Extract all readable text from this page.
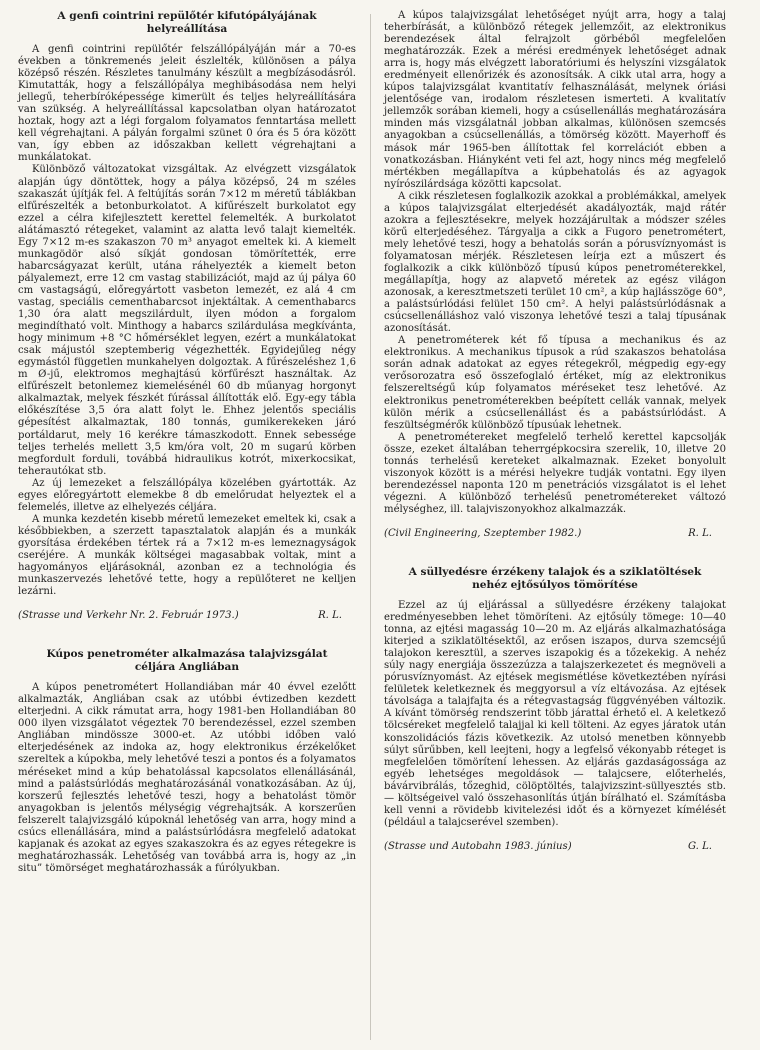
A genfi cointrini repülőtér kifutópályájának helyreállítása

A genfi cointrini repülőtér felszállópályáján már a 70-es években a tönkremenés jeleit észlelték, különösen a pálya középső részén. Részletes tanulmány készült a megbízásodásról. Kimutatták, hogy a felszállópálya meghibásodása nem helyi jellegű, teherbíróképessége kimerült és teljes helyreállítására van szükség. A helyreállítással kapcsolatban olyan határozatot hoztak, hogy azt a légi forgalom folyamatos fenntartása mellett kell végrehajtani. A pályán forgalmi szünet 0 óra és 5 óra között van, így ebben az időszakban kellett végrehajtani a munkálatokat.

Különböző változatokat vizsgáltak. Az elvégzett vizsgálatok alapján úgy döntöttek, hogy a pálya középső, 24 m széles szakaszát újítják fel. A feltújítás során 7×12 m méretű táblákban elfűrészelték a betonburkolatot. A kifűrészelt burkolatot egy ezzel a célra kifejlesztett kerettel felemelték. A burkolatot alátámasztó rétegeket, valamint az alatta levő talajt kiemelték. Egy 7×12 m-es szakaszon 70 m³ anyagot emeltek ki. A kiemelt munkagödör alsó síkját gondosan tömörítették, erre habarcságyazat került, utána ráhelyezték a kiemelt beton pályalemezt, erre 12 cm vastag stabilizációt, majd az új pálya 60 cm vastagságú, előregyártott vasbeton lemezét, ez alá 4 cm vastag, speciális cementhabarcsot injektáltak. A cementhabarcs 1,30 óra alatt megszilárdult, ilyen módon a forgalom megindítható volt. Minthogy a habarcs szilárdulása megkívánta, hogy minimum +8 °C hőmérséklet legyen, ezért a munkálatokat csak májustól szeptemberig végezhették. Egyidejűleg négy egymástól független munkahelyen dolgoztak. A fűrészeléshez 1,6 m Ø-jű, elektromos meghajtású körfűrészt használtak. Az elfűrészelt betonlemez kiemelésénél 60 db műanyag horgonyt alkalmaztak, melyek fészkét fúrással állították elő. Egy-egy tábla előkészítése 3,5 óra alatt folyt le. Ehhez jelentős speciális gépesítést alkalmaztak, 180 tonnás, gumikerekeken járó portáldarut, mely 16 kerékre támaszkodott. Ennek sebessége teljes terhelés mellett 3,5 km/óra volt, 20 m sugarú körben megfordult forduli, továbbá hidraulikus kotrót, mixerkocsikat, teherautókat stb.

Az új lemezeket a felszállópálya közelében gyártották. Az egyes előregyártott elemekbe 8 db emelőrudat helyeztek el a felemelés, illetve az elhelyezés céljára.

A munka kezdetén kisebb méretű lemezeket emeltek ki, csak a későbbiekben, a szerzett tapasztalatok alapján és a munkák gyorsítása érdekében tértek rá a 7×12 m-es lemeznagyságok cseréjére. A munkák költségei magasabbak voltak, mint a hagyományos eljárásoknál, azonban ez a technológia és munkaszervezés lehetővé tette, hogy a repülőteret ne kelljen lezárni.

(Strasse und Verkehr Nr. 2. Február 1973.)	R. L.
Kúpos penetrométer alkalmazása talajvizsgálat céljára Angliában

A kúpos penetrométert Hollandiában már 40 évvel ezelőtt alkalmazták, Angliában csak az utóbbi évtizedben kezdett elterjedni. A cikk rámutat arra, hogy 1981-ben Hollandiában 80 000 ilyen vizsgálatot végeztek 70 berendezéssel, ezzel szemben Angliában mindössze 3000-et. Az utóbbi időben való elterjedésének az indoka az, hogy elektronikus érzékelőket szereltek a kúpokba, mely lehetővé teszi a pontos és a folyamatos méréseket mind a kúp behatolással kapcsolatos ellenállásánál, mind a palástsúrlódás meghatározásánál vonatkozásában. Az új, korszerű fejlesztés lehetővé teszi, hogy a behatolást tömör anyagokban is jelentős mélységig végrehajtsák. A korszerűen felszerelt talajvizsgáló kúpoknál lehetőség van arra, hogy mind a csúcs ellenállására, mind a palástsúrlódásra megfelelő adatokat kapjanak és azokat az egyes szakaszokra és az egyes rétegekre is meghatározhassák. Lehetőség van továbbá arra is, hogy az „in situ” tömörséget meghatározhassák a fúrólyukban.

A kúpos talajvizsgálat lehetőséget nyújt arra, hogy a talaj teherbírását, a különböző rétegek jellemzőit, az elektronikus berendezések által felrajzolt görbéből megfelelően meghatározzák. Ezek a mérési eredmények lehetőséget adnak arra is, hogy más elvégzett laboratóriumi és helyszíni vizsgálatok eredményeit ellenőrizék és azonosítsák. A cikk utal arra, hogy a kúpos talajvizsgálat kvantitatív felhasználását, melynek óriási jelentősége van, irodalom részletesen ismerteti. A kvalitatív jellemzők sorában kiemeli, hogy a csúsellenállás meghatározására minden más vizsgálatnál jobban alkalmas, különösen szemcsés anyagokban a csúcsellenállás, a tömörség között. Mayerhoff és mások már 1965-ben állítottak fel korrelációt ebben a vonatkozásban. Hiányként veti fel azt, hogy nincs még megfelelő mértékben megállapítva a kúpbehatolás és az agyagok nyírószilárdsága közötti kapcsolat.

A cikk részletesen foglalkozik azokkal a problémákkal, amelyek a kúpos talajvizsgálat elterjedését akadályozták, majd rátér azokra a fejlesztésekre, melyek hozzájárultak a módszer széles körű elterjedéséhez. Tárgyalja a cikk a Fugoro penetrométert, mely lehetővé teszi, hogy a behatolás során a pórusvíznyomást is folyamatosan mérjék. Részletesen leírja ezt a műszert és foglalkozik a cikk különböző típusú kúpos penetrométerekkel, megállapítja, hogy az alapvető méretek az egész világon azonosak, a keresztmetszeti terület 10 cm², a kúp hajlásszöge 60°, a palástsúrlódási felület 150 cm². A helyi palástsúrlódásnak a csúcsellenálláshoz való viszonya lehetővé teszi a talaj típusának azonosítását.

A penetrométerek két fő típusa a mechanikus és az elektronikus. A mechanikus típusok a rúd szakaszos behatolása során adnak adatokat az egyes rétegekről, mégpedig egy-egy verősorozatra eső összefoglaló értéket, míg az elektronikus felszereltségű kúp folyamatos méréseket tesz lehetővé. Az elektronikus penetrométerekben beépített cellák vannak, melyek külön mérik a csúcsellenállást és a pabástsúrlódást. A feszültségmérők különböző típusúak lehetnek.

A penetrométereket megfelelő terhelő kerettel kapcsolják össze, ezeket általában teherrgépkocsira szerelik, 10, illetve 20 tonnás terhelésű kereteket alkalmaznak. Ezeket bonyolult viszonyok között is a mérési helyekre tudják vontatni. Egy ilyen berendezéssel naponta 120 m penetrációs vizsgálatot is el lehet végezni. A különböző terhelésű penetrométereket változó mélységhez, ill. talajviszonyokhoz alkalmazzák.

(Civil Engineering, Szeptember 1982.)	R. L.
A süllyedésre érzékeny talajok és a sziklatöltések nehéz ejtősúlyos tömörítése

Ezzel az új eljárással a süllyedésre érzékeny talajokat eredményesebben lehet tömöríteni. Az ejtősúly tömege: 10—40 tonna, az ejtési magasság 10—20 m. Az eljárás alkalmazhatósága kiterjed a sziklatöltésektől, az erősen iszapos, durva szemcséjű talajokon keresztül, a szerves iszapokig és a tőzekekig. A nehéz súly nagy energiája összezúzza a talajszerkezetet és megnöveli a pórusvíznyomást. Az ejtések megismétlése következtében nyírási felületek keletkeznek és meggyorsul a víz eltávozása. Az ejtések távolsága a talajfajta és a rétegvastagság függvényében változik. A kívánt tömörség rendszerint több járattal érhető el. A keletkező tölcséreket megfelelő talajjal ki kell tölteni. Az egyes járatok után konszolidációs fázis következik. Az utolsó menetben könnyebb súlyt sűrűbben, kell leejteni, hogy a legfelső vékonyabb réteget is megfelelően tömörítení lehessen. Az eljárás gazdaságossága az egyéb lehetséges megoldások — talajcsere, előterhelés, bávárvibrálás, tőzeghid, cölöptöltés, talajvizszint-süllyesztés stb. — költségeivel való összehasonlítás útján bírálható el. Számításba kell venni a rövidebb kivitelezési időt és a környezet kímélését (például a talajcserével szemben).

(Strasse und Autobahn 1983. június)	G. L.
